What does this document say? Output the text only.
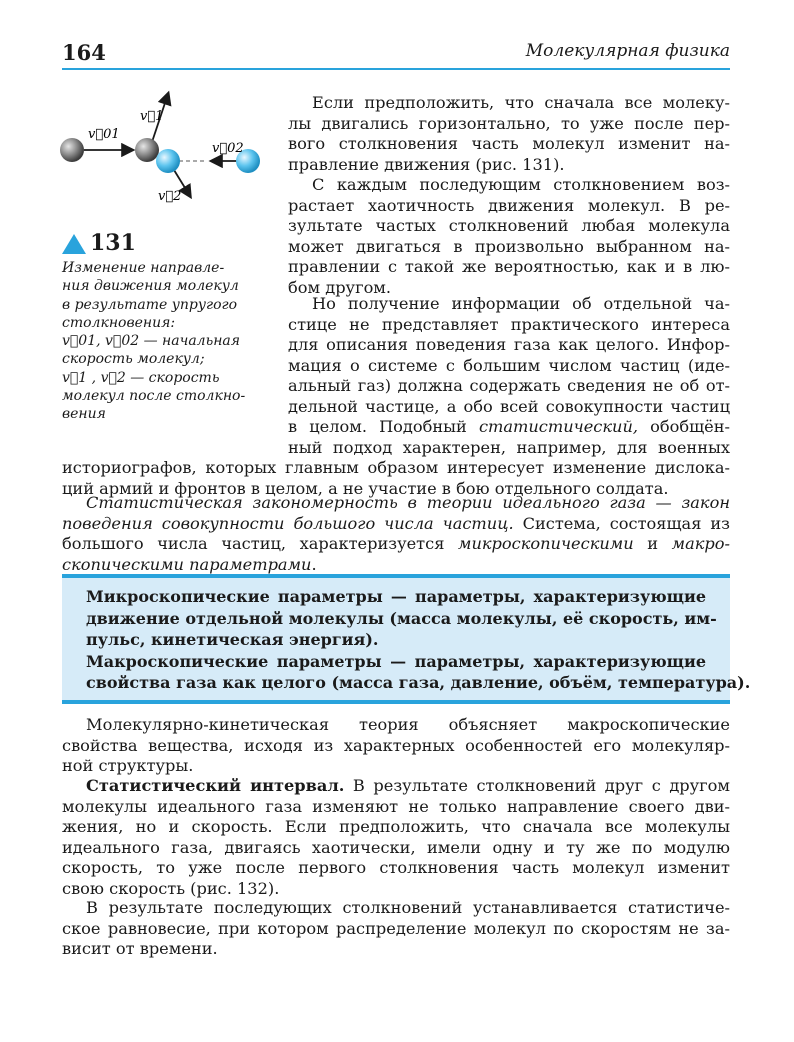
164	Молекулярная физика
v⃗01
v⃗1
v⃗02
v⃗2
131
Изменение направле-
ния движения молекул
в результате упругого
столкновения:
v⃗01, v⃗02 — начальная
скорость молекул;
v⃗1 , v⃗2 — скорость
молекул после столкно-
вения
Если предположить, что сначала все молеку-
лы двигались горизонтально, то уже после пер-
вого столкновения часть молекул изменит на-
правление движения (рис. 131).
С каждым последующим столкновением воз-
растает хаотичность движения молекул. В ре-
зультате частых столкновений любая молекула
может двигаться в произвольно выбранном на-
правлении с такой же вероятностью, как и в лю-
бом другом.
Но получение информации об отдельной ча-
стице не представляет практического интереса
для описания поведения газа как целого. Инфор-
мация о системе с большим числом частиц (иде-
альный газ) должна содержать сведения не об от-
дельной частице, а обо всей совокупности частиц
в целом. Подобный статистический, обобщён-
ный подход характерен, например, для военных
историографов, которых главным образом интересует изменение дислока-
ций армий и фронтов в целом, а не участие в бою отдельного солдата.
Статистическая закономерность в теории идеального газа — закон
поведения совокупности большого числа частиц. Система, состоящая из
большого числа частиц, характеризуется микроскопическими и макро-
скопическими параметрами.
Микроскопические параметры — параметры, характеризующие
движение отдельной молекулы (масса молекулы, её скорость, им-
пульс, кинетическая энергия).
Макроскопические параметры — параметры, характеризующие
свойства газа как целого (масса газа, давление, объём, температура).
Молекулярно-кинетическая теория объясняет макроскопические
свойства вещества, исходя из характерных особенностей его молекуляр-
ной структуры.
Статистический интервал. В результате столкновений друг с другом
молекулы идеального газа изменяют не только направление своего дви-
жения, но и скорость. Если предположить, что сначала все молекулы
идеального газа, двигаясь хаотически, имели одну и ту же по модулю
скорость, то уже после первого столкновения часть молекул изменит
свою скорость (рис. 132).
В результате последующих столкновений устанавливается статистиче-
ское равновесие, при котором распределение молекул по скоростям не за-
висит от времени.
